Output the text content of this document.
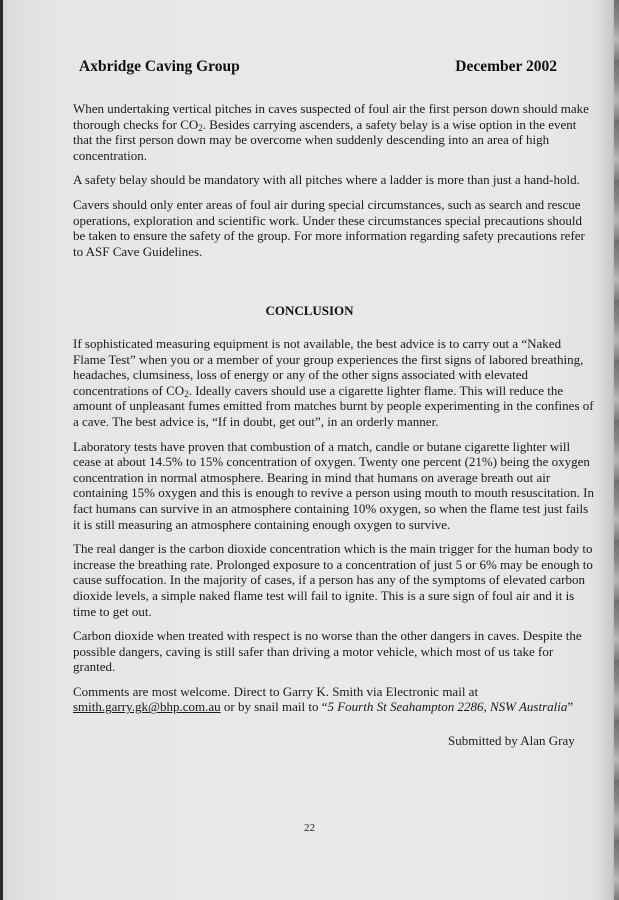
Axbridge Caving Group	December 2002

When undertaking vertical pitches in caves suspected of foul air the first person down should make thorough checks for $CO_2$. Besides carrying ascenders, a safety belay is a wise option in the event that the first person down may be overcome when suddenly descending into an area of high concentration.

A safety belay should be mandatory with all pitches where a ladder is more than just a hand-hold.

Cavers should only enter areas of foul air during special circumstances, such as search and rescue operations, exploration and scientific work. Under these circumstances special precautions should be taken to ensure the safety of the group. For more information regarding safety precautions refer to ASF Cave Guidelines.

CONCLUSION

If sophisticated measuring equipment is not available, the best advice is to carry out a “Naked Flame Test” when you or a member of your group experiences the first signs of labored breathing, headaches, clumsiness, loss of energy or any of the other signs associated with elevated concentrations of $CO_2$. Ideally cavers should use a cigarette lighter flame. This will reduce the amount of unpleasant fumes emitted from matches burnt by people experimenting in the confines of a cave. The best advice is, “If in doubt, get out”, in an orderly manner.

Laboratory tests have proven that combustion of a match, candle or butane cigarette lighter will cease at about 14.5% to 15% concentration of oxygen. Twenty one percent (21%) being the oxygen concentration in normal atmosphere. Bearing in mind that humans on average breath out air containing 15% oxygen and this is enough to revive a person using mouth to mouth resuscitation. In fact humans can survive in an atmosphere containing 10% oxygen, so when the flame test just fails it is still measuring an atmosphere containing enough oxygen to survive.

The real danger is the carbon dioxide concentration which is the main trigger for the human body to increase the breathing rate. Prolonged exposure to a concentration of just 5 or 6% may be enough to cause suffocation. In the majority of cases, if a person has any of the symptoms of elevated carbon dioxide levels, a simple naked flame test will fail to ignite. This is a sure sign of foul air and it is time to get out.

Carbon dioxide when treated with respect is no worse than the other dangers in caves. Despite the possible dangers, caving is still safer than driving a motor vehicle, which most of us take for granted.

Comments are most welcome. Direct to Garry K. Smith via Electronic mail at smith.garry.gk@bhp.com.au or by snail mail to “5 Fourth St Seahampton 2286, NSW Australia”

Submitted by Alan Gray
22
